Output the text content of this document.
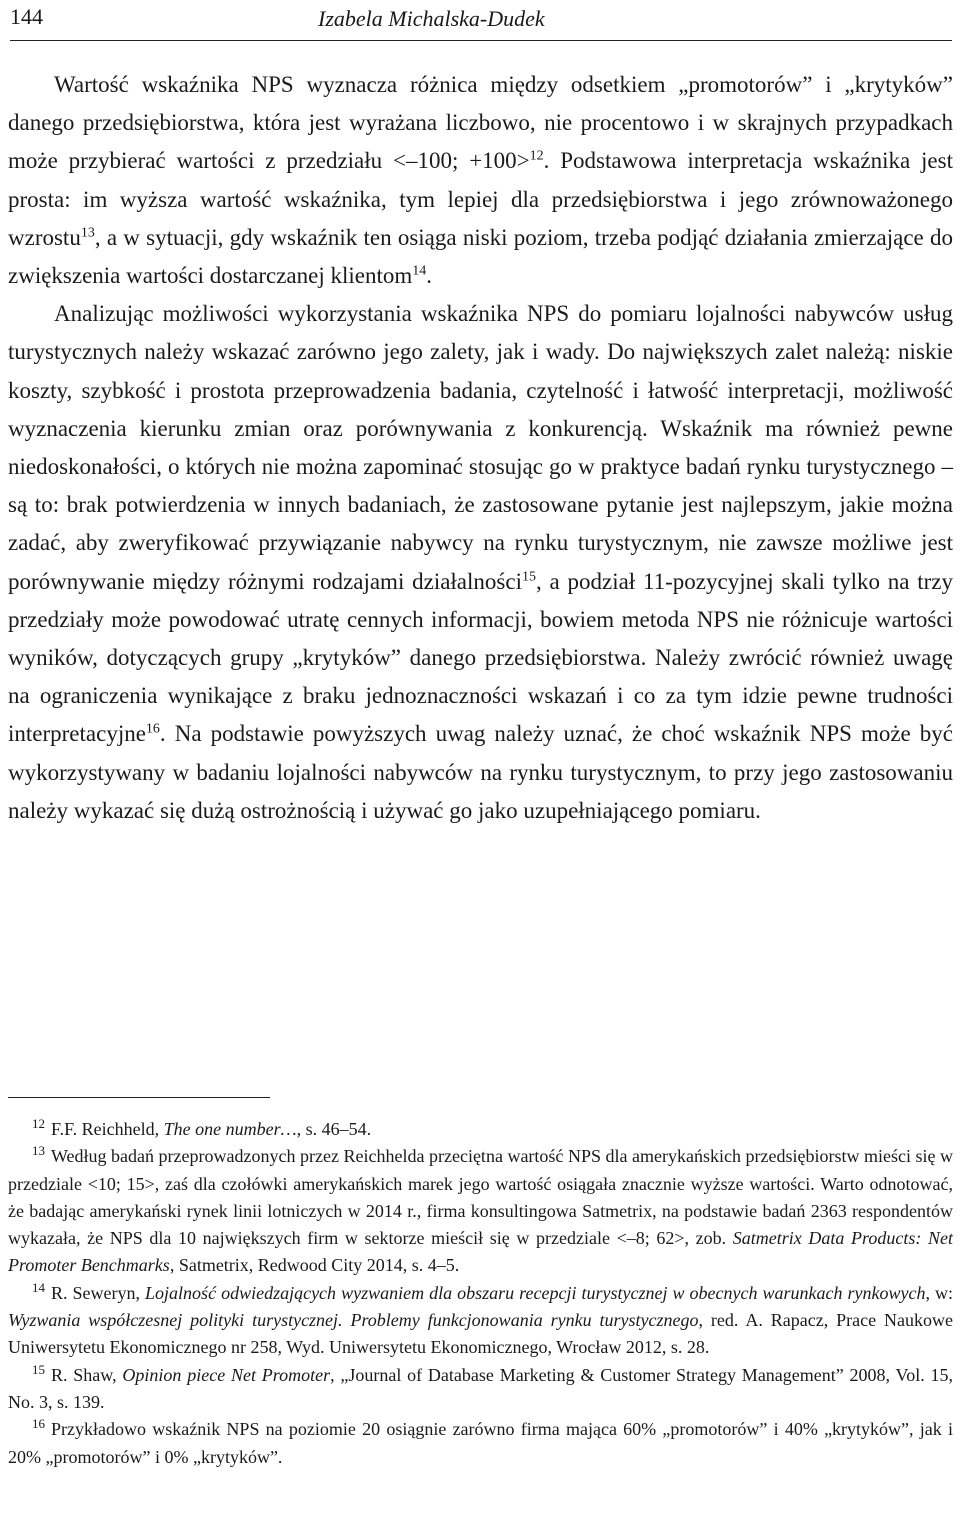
144	Izabela Michalska-Dudek

Wartość wskaźnika NPS wyznacza różnica między odsetkiem „promotorów” i „krytyków” danego przedsiębiorstwa, która jest wyrażana liczbowo, nie procentowo i w skrajnych przypadkach może przybierać wartości z przedziału <–100; +100>$^{12}$. Podstawowa interpretacja wskaźnika jest prosta: im wyższa wartość wskaźnika, tym lepiej dla przedsiębiorstwa i jego zrównoważonego wzrostu$^{13}$, a w sytuacji, gdy wskaźnik ten osiąga niski poziom, trzeba podjąć działania zmierzające do zwiększenia wartości dostarczanej klientom$^{14}$.

Analizując możliwości wykorzystania wskaźnika NPS do pomiaru lojalności nabywców usług turystycznych należy wskazać zarówno jego zalety, jak i wady. Do największych zalet należą: niskie koszty, szybkość i prostota przeprowadzenia badania, czytelność i łatwość interpretacji, możliwość wyznaczenia kierunku zmian oraz porównywania z konkurencją. Wskaźnik ma również pewne niedoskonałości, o których nie można zapominać stosując go w praktyce badań rynku turystycznego – są to: brak potwierdzenia w innych badaniach, że zastosowane pytanie jest najlepszym, jakie można zadać, aby zweryfikować przywiązanie nabywcy na rynku turystycznym, nie zawsze możliwe jest porównywanie między różnymi rodzajami działalności$^{15}$, a podział 11-pozycyjnej skali tylko na trzy przedziały może powodować utratę cennych informacji, bowiem metoda NPS nie różnicuje wartości wyników, dotyczących grupy „krytyków” danego przedsiębiorstwa. Należy zwrócić również uwagę na ograniczenia wynikające z braku jednoznaczności wskazań i co za tym idzie pewne trudności interpretacyjne$^{16}$. Na podstawie powyższych uwag należy uznać, że choć wskaźnik NPS może być wykorzystywany w badaniu lojalności nabywców na rynku turystycznym, to przy jego zastosowaniu należy wykazać się dużą ostrożnością i używać go jako uzupełniającego pomiaru.

$^{12}$ F.F. Reichheld, The one number…, s. 46–54.

$^{13}$ Według badań przeprowadzonych przez Reichhelda przeciętna wartość NPS dla amerykańskich przedsiębiorstw mieści się w przedziale <10; 15>, zaś dla czołówki amerykańskich marek jego wartość osiągała znacznie wyższe wartości. Warto odnotować, że badając amerykański rynek linii lotniczych w 2014 r., firma konsultingowa Satmetrix, na podstawie badań 2363 respondentów wykazała, że NPS dla 10 największych firm w sektorze mieścił się w przedziale <–8; 62>, zob. Satmetrix Data Products: Net Promoter Benchmarks, Satmetrix, Redwood City 2014, s. 4–5.

$^{14}$ R. Seweryn, Lojalność odwiedzających wyzwaniem dla obszaru recepcji turystycznej w obecnych warunkach rynkowych, w: Wyzwania współczesnej polityki turystycznej. Problemy funkcjonowania rynku turystycznego, red. A. Rapacz, Prace Naukowe Uniwersytetu Ekonomicznego nr 258, Wyd. Uniwersytetu Ekonomicznego, Wrocław 2012, s. 28.

$^{15}$ R. Shaw, Opinion piece Net Promoter, „Journal of Database Marketing & Customer Strategy Management” 2008, Vol. 15, No. 3, s. 139.

$^{16}$ Przykładowo wskaźnik NPS na poziomie 20 osiągnie zarówno firma mająca 60% „promotorów” i 40% „krytyków”, jak i 20% „promotorów” i 0% „krytyków”.
